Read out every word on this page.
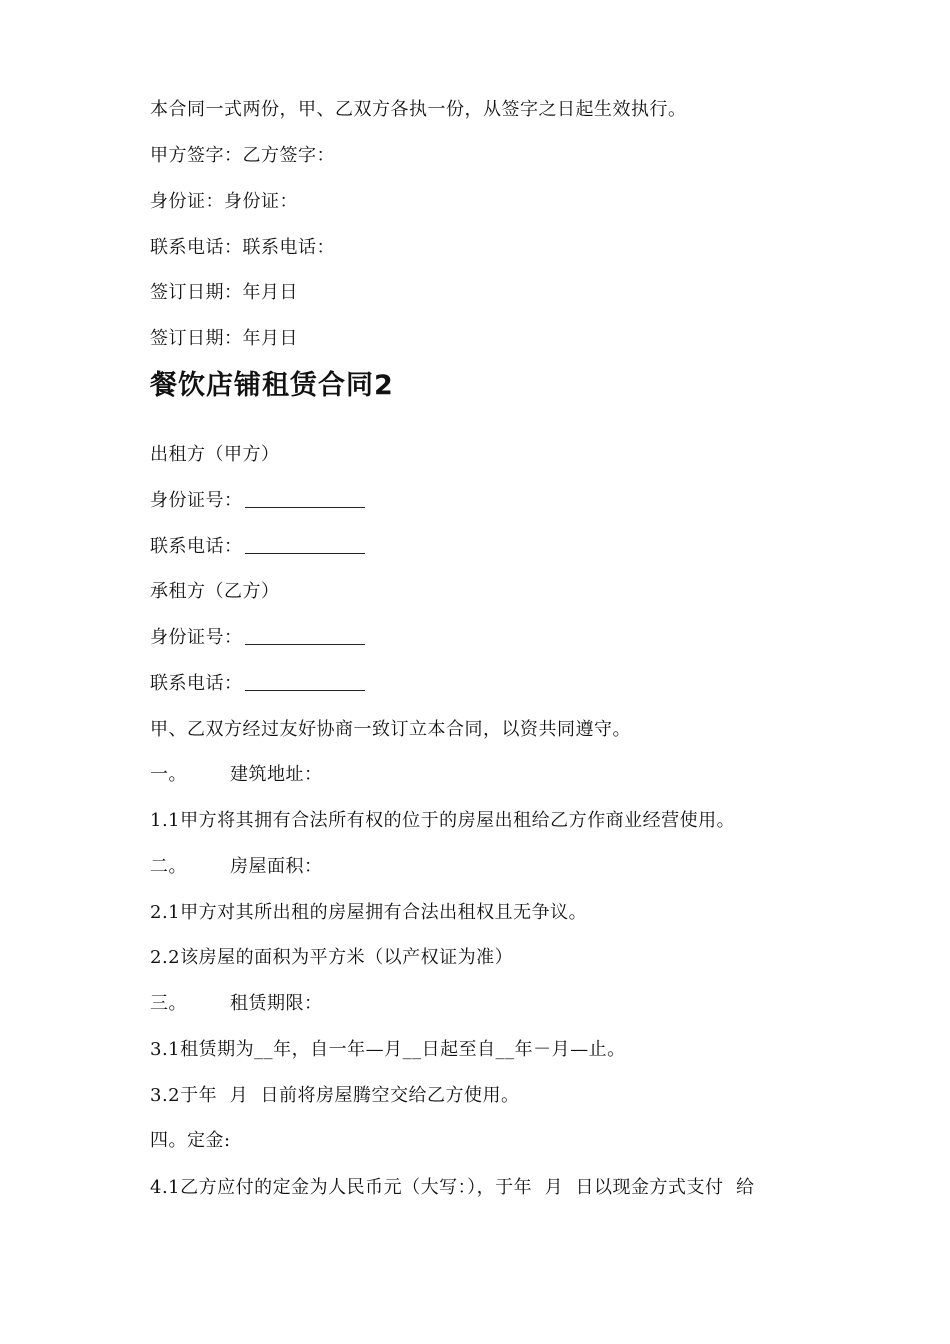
本合同一式两份，甲、乙双方各执一份，从签字之日起生效执行。
甲方签字：乙方签字：
身份证：身份证：
联系电话：联系电话：
签订日期：年月日
签订日期：年月日
餐饮店铺租赁合同2
出租方（甲方）
身份证号：
联系电话：
承租方（乙方）
身份证号：
联系电话：
甲、乙双方经过友好协商一致订立本合同，以资共同遵守。
一。 建筑地址：
1.1甲方将其拥有合法所有权的位于的房屋出租给乙方作商业经营使用。
二。 房屋面积：
2.1甲方对其所出租的房屋拥有合法出租权且无争议。
2.2该房屋的面积为平方米（以产权证为准）
三。 租赁期限：
3.1租赁期为__年，自一年—月__日起至自__年－月—止。
3.2于年  月  日前将房屋腾空交给乙方使用。
四。定金:
4.1乙方应付的定金为人民币元（大写：），于年  月  日以现金方式支付  给
